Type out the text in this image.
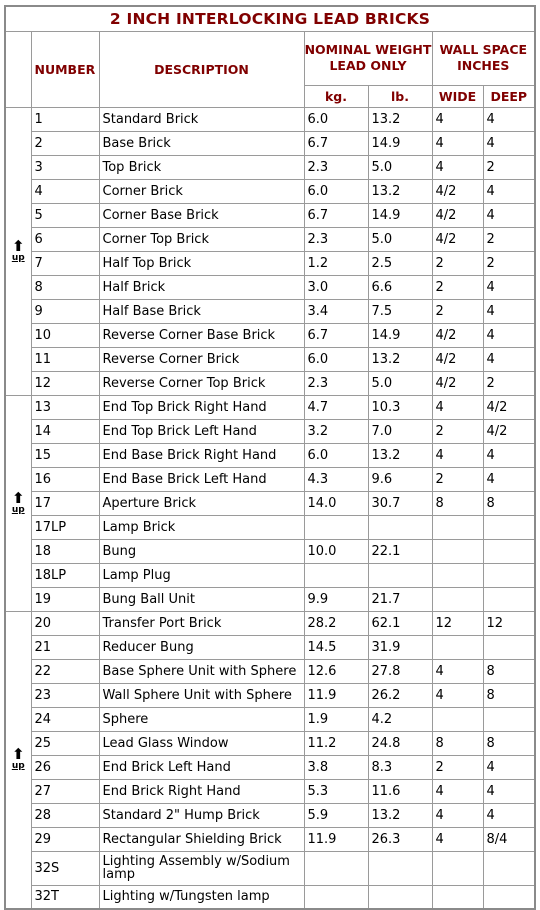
2 INCH INTERLOCKING LEAD BRICKS						
	NUMBER	DESCRIPTION	NOMINAL WEIGHT LEAD ONLY		WALL SPACE INCHES	
			kg.	lb.	WIDE	DEEP

⬆
up	1	Standard Brick	6.0	13.2	4	4
	2	Base Brick	6.7	14.9	4	4
	3	Top Brick	2.3	5.0	4	2
	4	Corner Brick	6.0	13.2	4/2	4
	5	Corner Base Brick	6.7	14.9	4/2	4
	6	Corner Top Brick	2.3	5.0	4/2	2
	7	Half Top Brick	1.2	2.5	2	2
	8	Half Brick	3.0	6.6	2	4
	9	Half Base Brick	3.4	7.5	2	4
	10	Reverse Corner Base Brick	6.7	14.9	4/2	4
	11	Reverse Corner Brick	6.0	13.2	4/2	4
	12	Reverse Corner Top Brick	2.3	5.0	4/2	2

⬆
up	13	End Top Brick Right Hand	4.7	10.3	4	4/2
	14	End Top Brick Left Hand	3.2	7.0	2	4/2
	15	End Base Brick Right Hand	6.0	13.2	4	4
	16	End Base Brick Left Hand	4.3	9.6	2	4
	17	Aperture Brick	14.0	30.7	8	8
	17LP	Lamp Brick				
	18	Bung	10.0	22.1		
	18LP	Lamp Plug				
	19	Bung Ball Unit	9.9	21.7		

⬆
up	20	Transfer Port Brick	28.2	62.1	12	12
	21	Reducer Bung	14.5	31.9		
	22	Base Sphere Unit with Sphere	12.6	27.8	4	8
	23	Wall Sphere Unit with Sphere	11.9	26.2	4	8
	24	Sphere	1.9	4.2		
	25	Lead Glass Window	11.2	24.8	8	8
	26	End Brick Left Hand	3.8	8.3	2	4
	27	End Brick Right Hand	5.3	11.6	4	4
	28	Standard 2" Hump Brick	5.9	13.2	4	4
	29	Rectangular Shielding Brick	11.9	26.3	4	8/4
	32S	Lighting Assembly w/Sodium lamp				
	32T	Lighting w/Tungsten lamp				
